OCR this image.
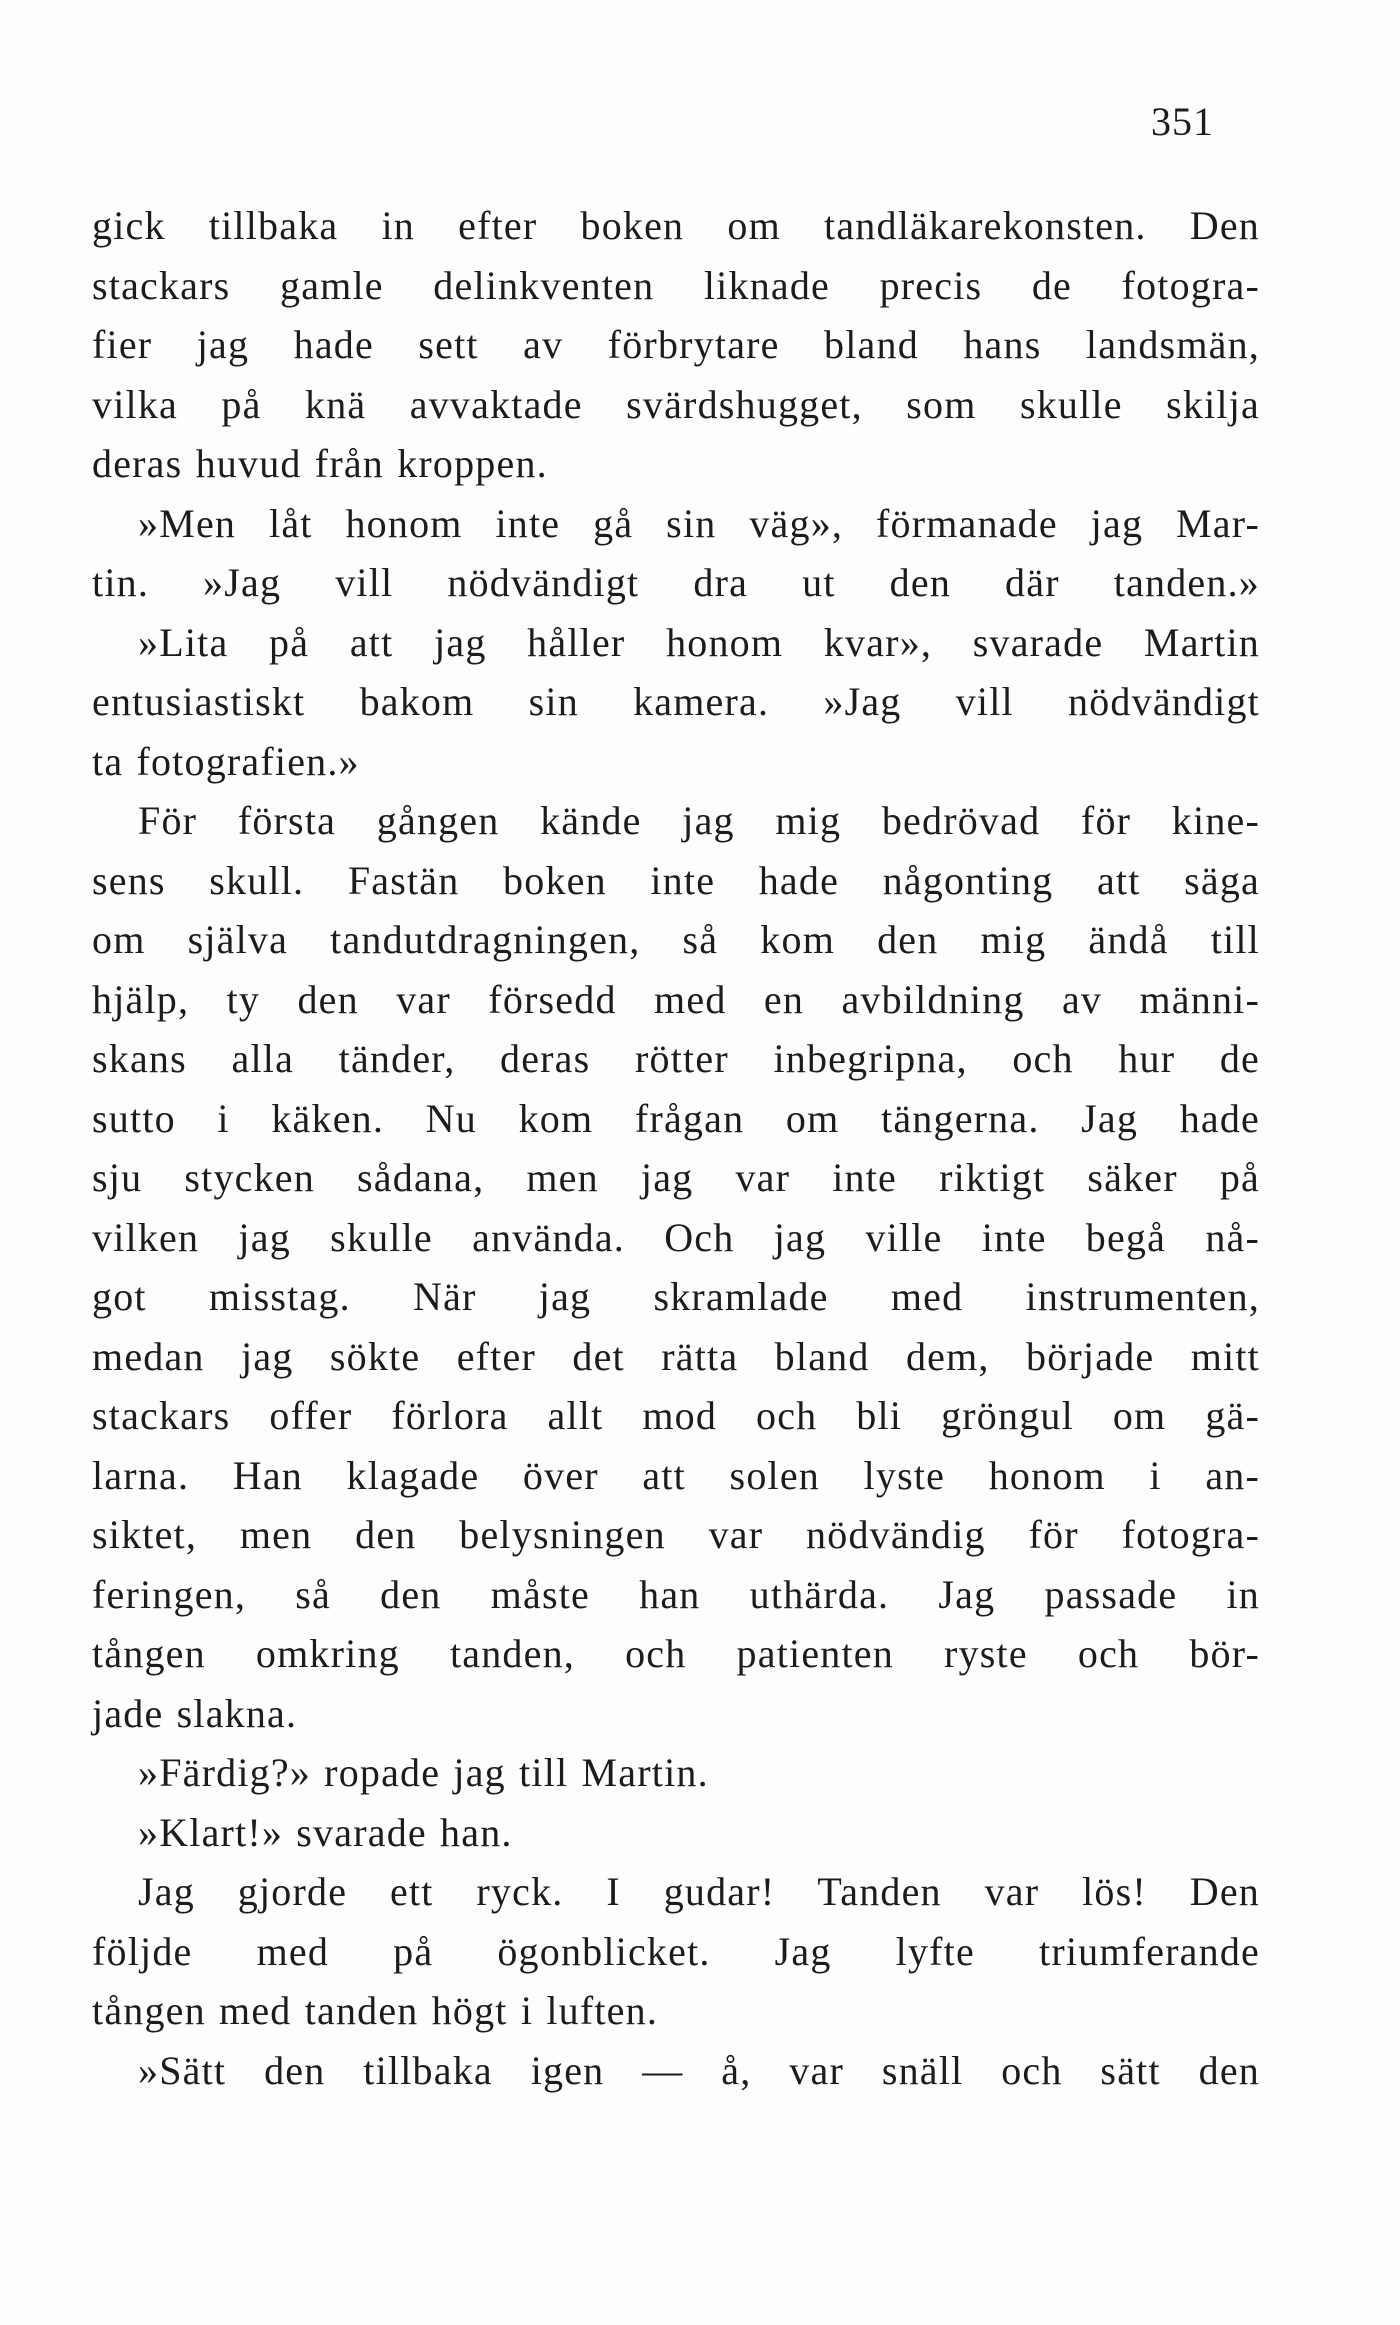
351
gick tillbaka in efter boken om tandläkarekonsten. Den
stackars gamle delinkventen liknade precis de fotogra-
fier jag hade sett av förbrytare bland hans landsmän,
vilka på knä avvaktade svärdshugget, som skulle skilja
deras huvud från kroppen.
»Men låt honom inte gå sin väg», förmanade jag Mar-
tin. »Jag vill nödvändigt dra ut den där tanden.»
»Lita på att jag håller honom kvar», svarade Martin
entusiastiskt bakom sin kamera. »Jag vill nödvändigt
ta fotografien.»
För första gången kände jag mig bedrövad för kine-
sens skull. Fastän boken inte hade någonting att säga
om själva tandutdragningen, så kom den mig ändå till
hjälp, ty den var försedd med en avbildning av männi-
skans alla tänder, deras rötter inbegripna, och hur de
sutto i käken. Nu kom frågan om tängerna. Jag hade
sju stycken sådana, men jag var inte riktigt säker på
vilken jag skulle använda. Och jag ville inte begå nå-
got misstag. När jag skramlade med instrumenten,
medan jag sökte efter det rätta bland dem, började mitt
stackars offer förlora allt mod och bli gröngul om gä-
larna. Han klagade över att solen lyste honom i an-
siktet, men den belysningen var nödvändig för fotogra-
feringen, så den måste han uthärda. Jag passade in
tången omkring tanden, och patienten ryste och bör-
jade slakna.
»Färdig?» ropade jag till Martin.
»Klart!» svarade han.
Jag gjorde ett ryck. I gudar! Tanden var lös! Den
följde med på ögonblicket. Jag lyfte triumferande
tången med tanden högt i luften.
»Sätt den tillbaka igen — å, var snäll och sätt den
